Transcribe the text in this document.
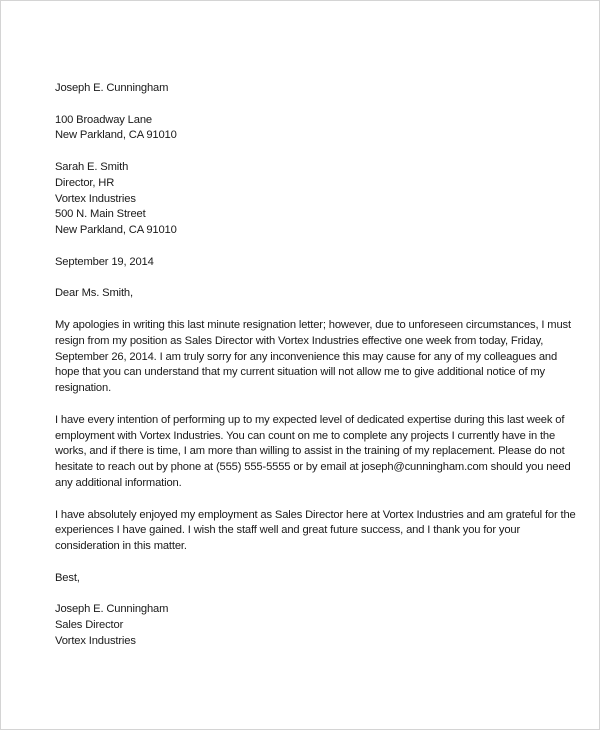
Joseph E. Cunningham
100 Broadway Lane
New Parkland, CA 91010
Sarah E. Smith
Director, HR
Vortex Industries
500 N. Main Street
New Parkland, CA 91010
September 19, 2014
Dear Ms. Smith,
My apologies in writing this last minute resignation letter; however, due to unforeseen circumstances, I must
resign from my position as Sales Director with Vortex Industries effective one week from today, Friday,
September 26, 2014. I am truly sorry for any inconvenience this may cause for any of my colleagues and
hope that you can understand that my current situation will not allow me to give additional notice of my
resignation.
I have every intention of performing up to my expected level of dedicated expertise during this last week of
employment with Vortex Industries. You can count on me to complete any projects I currently have in the
works, and if there is time, I am more than willing to assist in the training of my replacement. Please do not
hesitate to reach out by phone at (555) 555-5555 or by email at joseph@cunningham.com should you need
any additional information.
I have absolutely enjoyed my employment as Sales Director here at Vortex Industries and am grateful for the
experiences I have gained. I wish the staff well and great future success, and I thank you for your
consideration in this matter.
Best,
Joseph E. Cunningham
Sales Director
Vortex Industries
